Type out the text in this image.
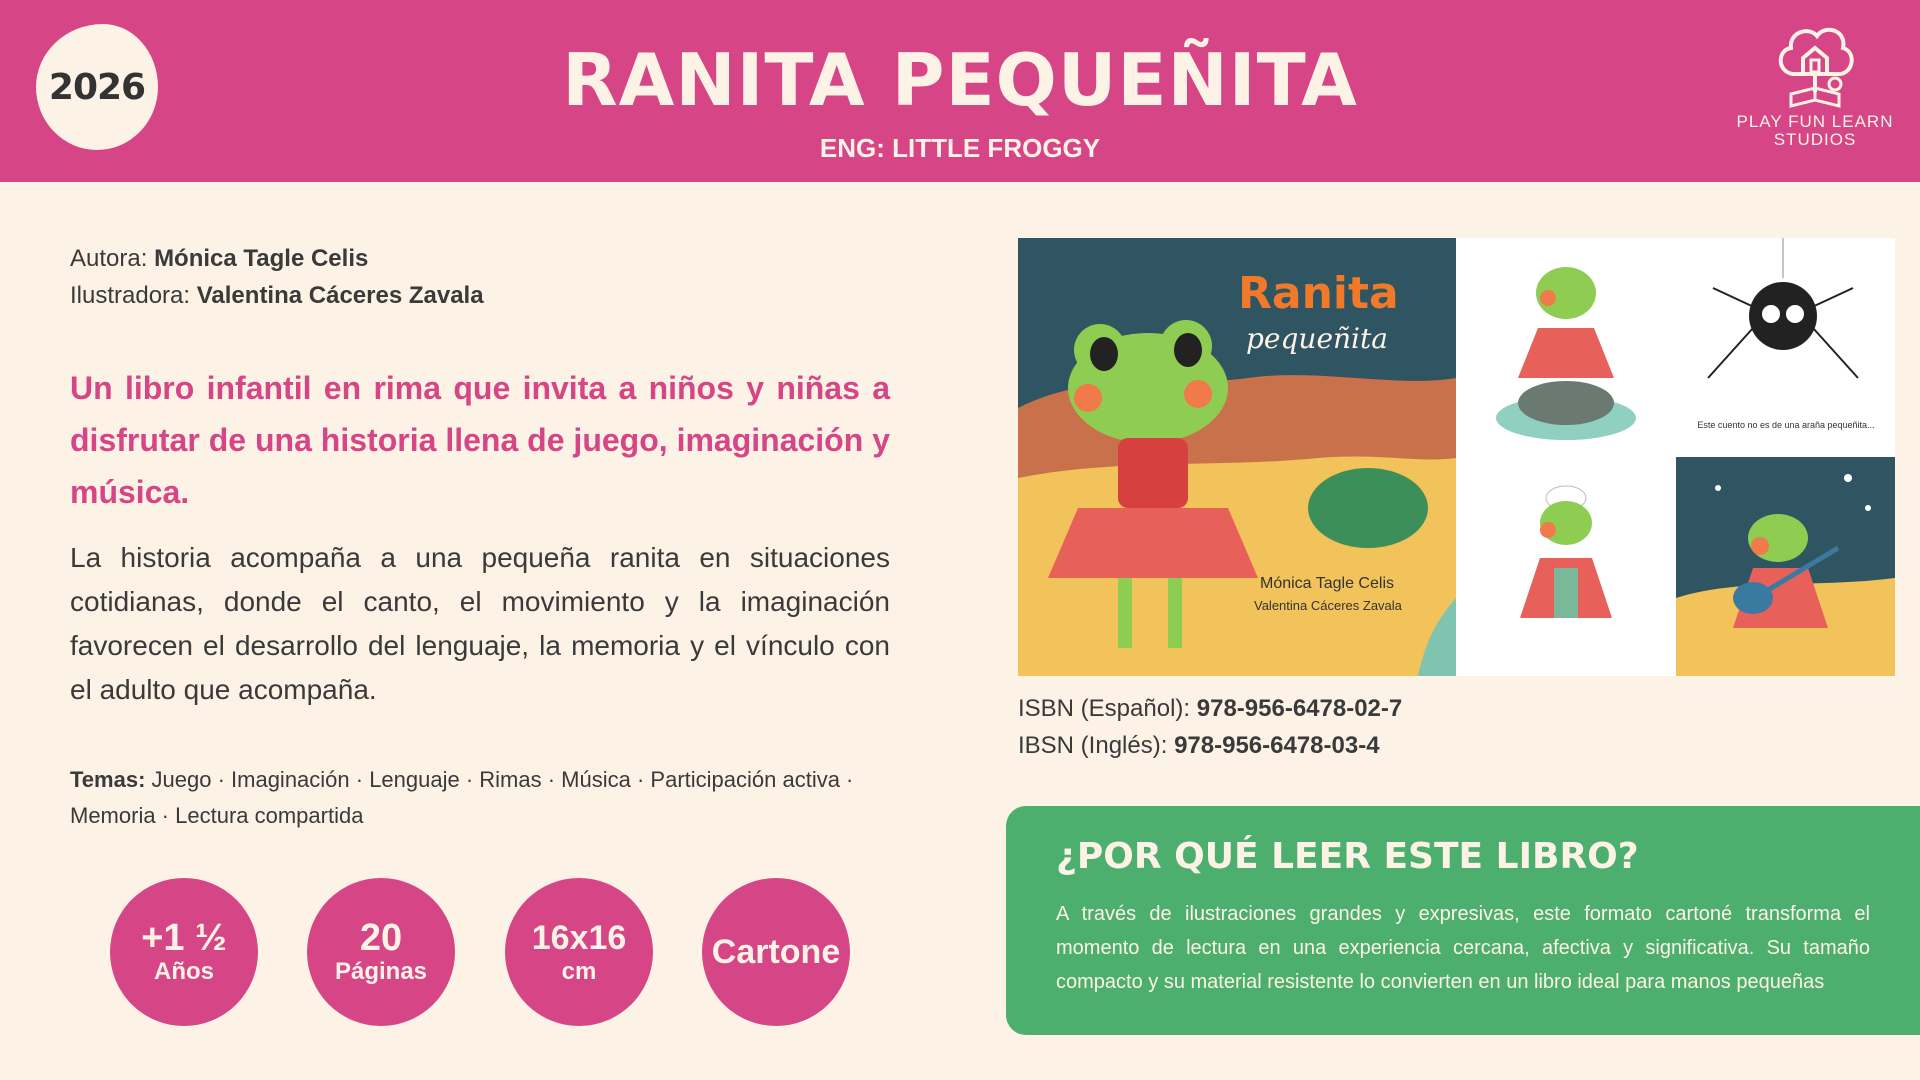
2026	RANITA PEQUEÑITA
ENG: LITTLE FROGGY
PLAY FUN LEARN
STUDIOS
Autora: Mónica Tagle Celis
Ilustradora: Valentina Cáceres Zavala
Un libro infantil en rima que invita a niños y niñas a disfrutar de una historia llena de juego, imaginación y música.
La historia acompaña a una pequeña ranita en situaciones cotidianas, donde el canto, el movimiento y la imaginación favorecen el desarrollo del lenguaje, la memoria y el vínculo con el adulto que acompaña.
Temas: Juego · Imaginación · Lenguaje · Rimas · Música · Participación activa · Memoria · Lectura compartida
+1 ½
Años
20
Páginas
16x16
cm
Cartone
Ranita
pequeñita
Mónica Tagle Celis
Valentina Cáceres Zavala
Este cuento no es de una araña pequeñita...
ISBN (Español): 978-956-6478-02-7
IBSN (Inglés): 978-956-6478-03-4
¿POR QUÉ LEER ESTE LIBRO?

A través de ilustraciones grandes y expresivas, este formato cartoné transforma el momento de lectura en una experiencia cercana, afectiva y significativa. Su tamaño compacto y su material resistente lo convierten en un libro ideal para manos pequeñas
